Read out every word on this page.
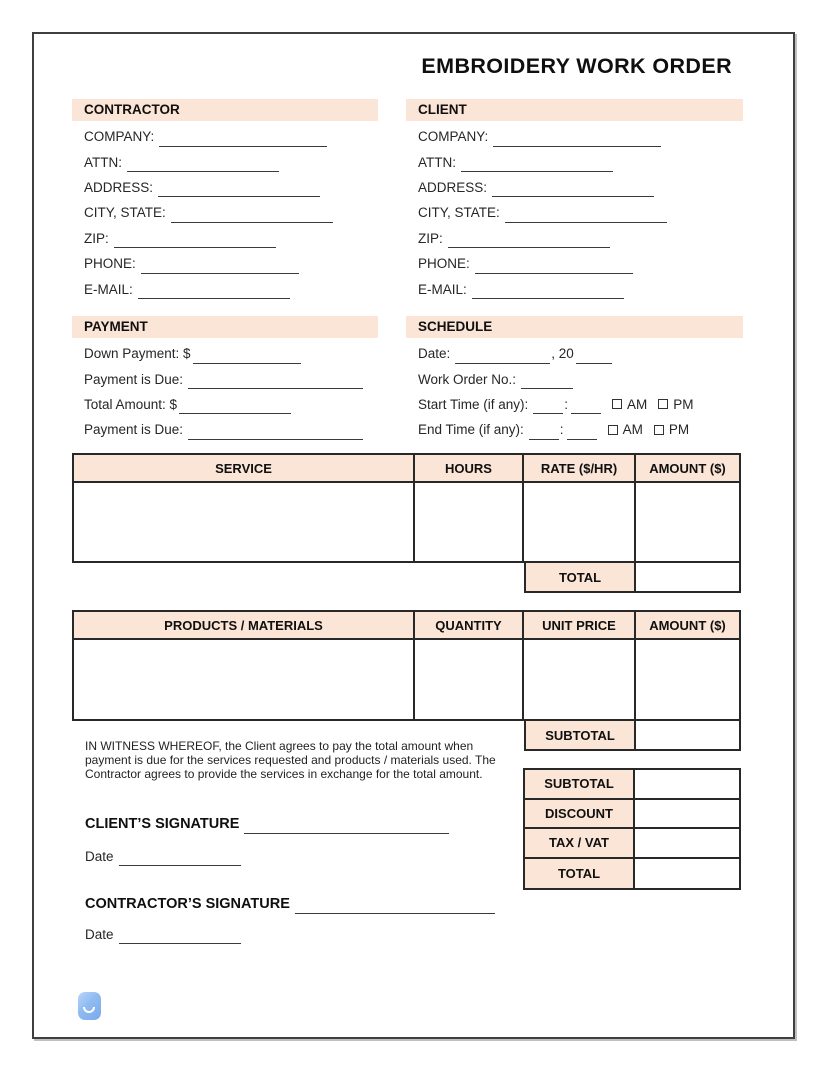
EMBROIDERY WORK ORDER
CONTRACTOR
COMPANY:
ATTN:
ADDRESS:
CITY, STATE:
ZIP:
PHONE:
E-MAIL:
CLIENT
COMPANY:
ATTN:
ADDRESS:
CITY, STATE:
ZIP:
PHONE:
E-MAIL:
PAYMENT
Down Payment: $
Payment is Due:
Total Amount: $
Payment is Due:
SCHEDULE
Date:	, 20
Work Order No.:
Start Time (if any):	:	AM PM
End Time (if any):	:	AM PM
SERVICE	HOURS	RATE ($/HR)	AMOUNT ($)
TOTAL
PRODUCTS / MATERIALS	QUANTITY	UNIT PRICE	AMOUNT ($)
SUBTOTAL
IN WITNESS WHEREOF, the Client agrees to pay the total amount when payment is due for the services requested and products / materials used. The Contractor agrees to provide the services in exchange for the total amount.
SUBTOTAL
DISCOUNT
TAX / VAT
TOTAL
CLIENT’S SIGNATURE
Date
CONTRACTOR’S SIGNATURE
Date
